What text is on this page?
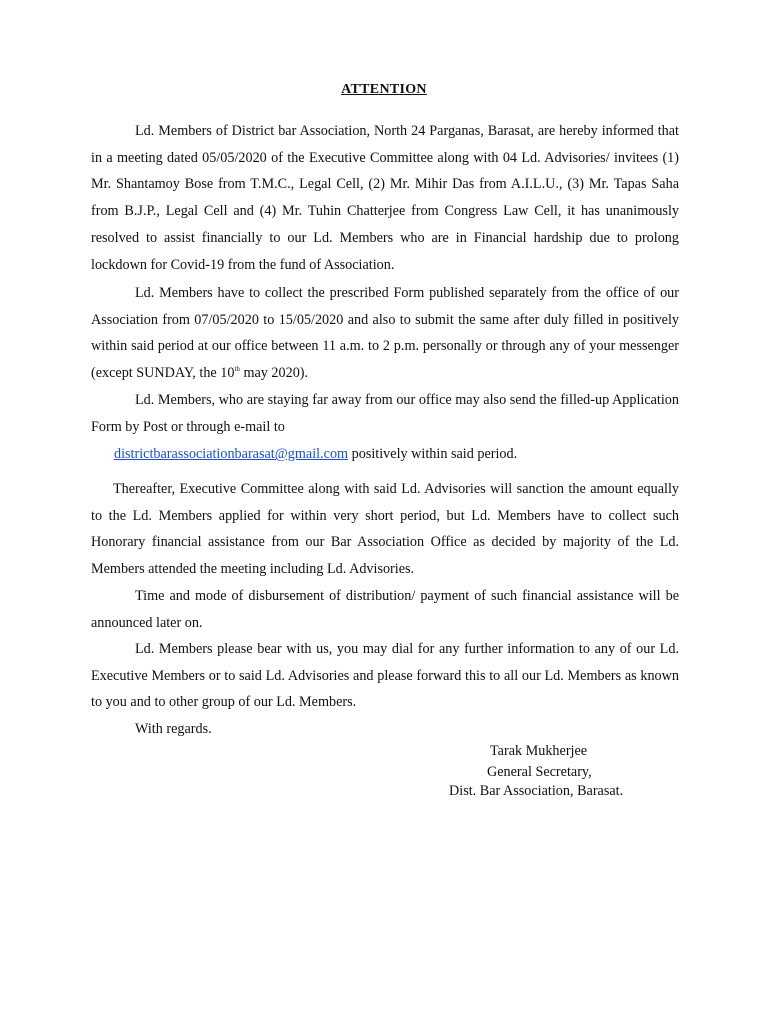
ATTENTION

Ld. Members of District bar Association, North 24 Parganas, Barasat, are hereby informed that in a meeting dated 05/05/2020 of the Executive Committee along with 04 Ld. Advisories/ invitees (1) Mr. Shantamoy Bose from T.M.C., Legal Cell, (2) Mr. Mihir Das from A.I.L.U., (3) Mr. Tapas Saha from B.J.P., Legal Cell and (4) Mr. Tuhin Chatterjee from Congress Law Cell, it has unanimously resolved to assist financially to our Ld. Members who are in Financial hardship due to prolong lockdown for Covid-19 from the fund of Association.

Ld. Members have to collect the prescribed Form published separately from the office of our Association from 07/05/2020 to 15/05/2020 and also to submit the same after duly filled in positively within said period at our office between 11 a.m. to 2 p.m. personally or through any of your messenger (except SUNDAY, the 10th may 2020).

Ld. Members, who are staying far away from our office may also send the filled-up Application Form by Post or through e-mail to

districtbarassociationbarasat@gmail.com positively within said period.

Thereafter, Executive Committee along with said Ld. Advisories will sanction the amount equally to the Ld. Members applied for within very short period, but Ld. Members have to collect such Honorary financial assistance from our Bar Association Office as decided by majority of the Ld. Members attended the meeting including Ld. Advisories.

Time and mode of disbursement of distribution/ payment of such financial assistance will be announced later on.

Ld. Members please bear with us, you may dial for any further information to any of our Ld. Executive Members or to said Ld. Advisories and please forward this to all our Ld. Members as known to you and to other group of our Ld. Members.

With regards.

Tarak Mukherjee
General Secretary,
Dist. Bar Association, Barasat.
